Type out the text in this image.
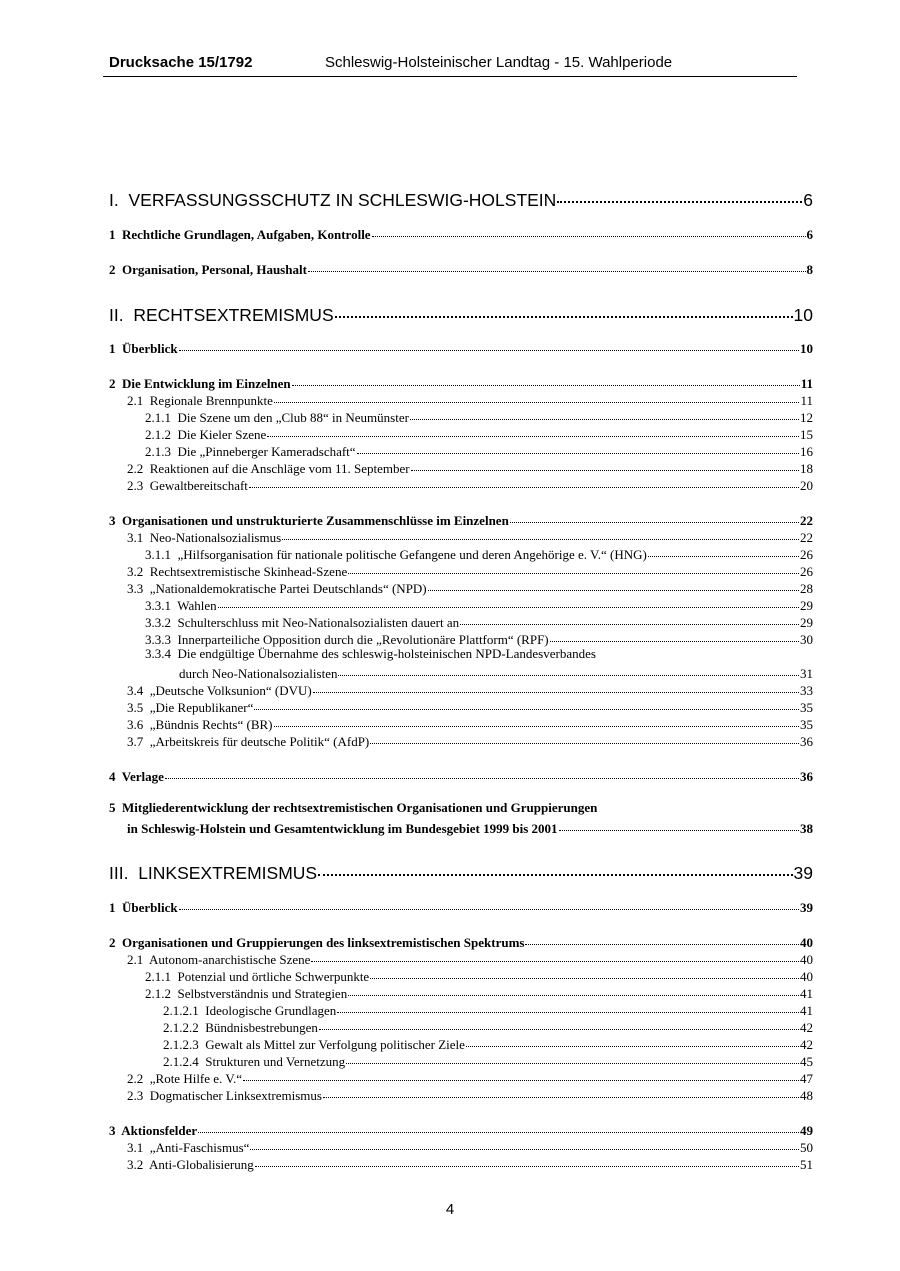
Drucksache 15/1792	Schleswig-Holsteinischer Landtag - 15. Wahlperiode
I. VERFASSUNGSSCHUTZ IN SCHLESWIG-HOLSTEIN	6
1 Rechtliche Grundlagen, Aufgaben, Kontrolle	6
2 Organisation, Personal, Haushalt	8
II. RECHTSEXTREMISMUS	10
1 Überblick	10
2 Die Entwicklung im Einzelnen	11
2.1 Regionale Brennpunkte	11
2.1.1 Die Szene um den „Club 88“ in Neumünster	12
2.1.2 Die Kieler Szene	15
2.1.3 Die „Pinneberger Kameradschaft“	16
2.2 Reaktionen auf die Anschläge vom 11. September	18
2.3 Gewaltbereitschaft	20
3 Organisationen und unstrukturierte Zusammenschlüsse im Einzelnen	22
3.1 Neo-Nationalsozialismus	22
3.1.1 „Hilfsorganisation für nationale politische Gefangene und deren Angehörige e. V.“ (HNG)	26
3.2 Rechtsextremistische Skinhead-Szene	26
3.3 „Nationaldemokratische Partei Deutschlands“ (NPD)	28
3.3.1 Wahlen	29
3.3.2 Schulterschluss mit Neo-Nationalsozialisten dauert an	29
3.3.3 Innerparteiliche Opposition durch die „Revolutionäre Plattform“ (RPF)	30
3.3.4 Die endgültige Übernahme des schleswig-holsteinischen NPD-Landesverbandes
durch Neo-Nationalsozialisten	31
3.4 „Deutsche Volksunion“ (DVU)	33
3.5 „Die Republikaner“	35
3.6 „Bündnis Rechts“ (BR)	35
3.7 „Arbeitskreis für deutsche Politik“ (AfdP)	36
4 Verlage	36
5 Mitgliederentwicklung der rechtsextremistischen Organisationen und Gruppierungen
in Schleswig-Holstein und Gesamtentwicklung im Bundesgebiet 1999 bis 2001	38
III. LINKSEXTREMISMUS	39
1 Überblick	39
2 Organisationen und Gruppierungen des linksextremistischen Spektrums	40
2.1 Autonom-anarchistische Szene	40
2.1.1 Potenzial und örtliche Schwerpunkte	40
2.1.2 Selbstverständnis und Strategien	41
2.1.2.1 Ideologische Grundlagen	41
2.1.2.2 Bündnisbestrebungen	42
2.1.2.3 Gewalt als Mittel zur Verfolgung politischer Ziele	42
2.1.2.4 Strukturen und Vernetzung	45
2.2 „Rote Hilfe e. V.“	47
2.3 Dogmatischer Linksextremismus	48
3 Aktionsfelder	49
3.1 „Anti-Faschismus“	50
3.2 Anti-Globalisierung	51
4
